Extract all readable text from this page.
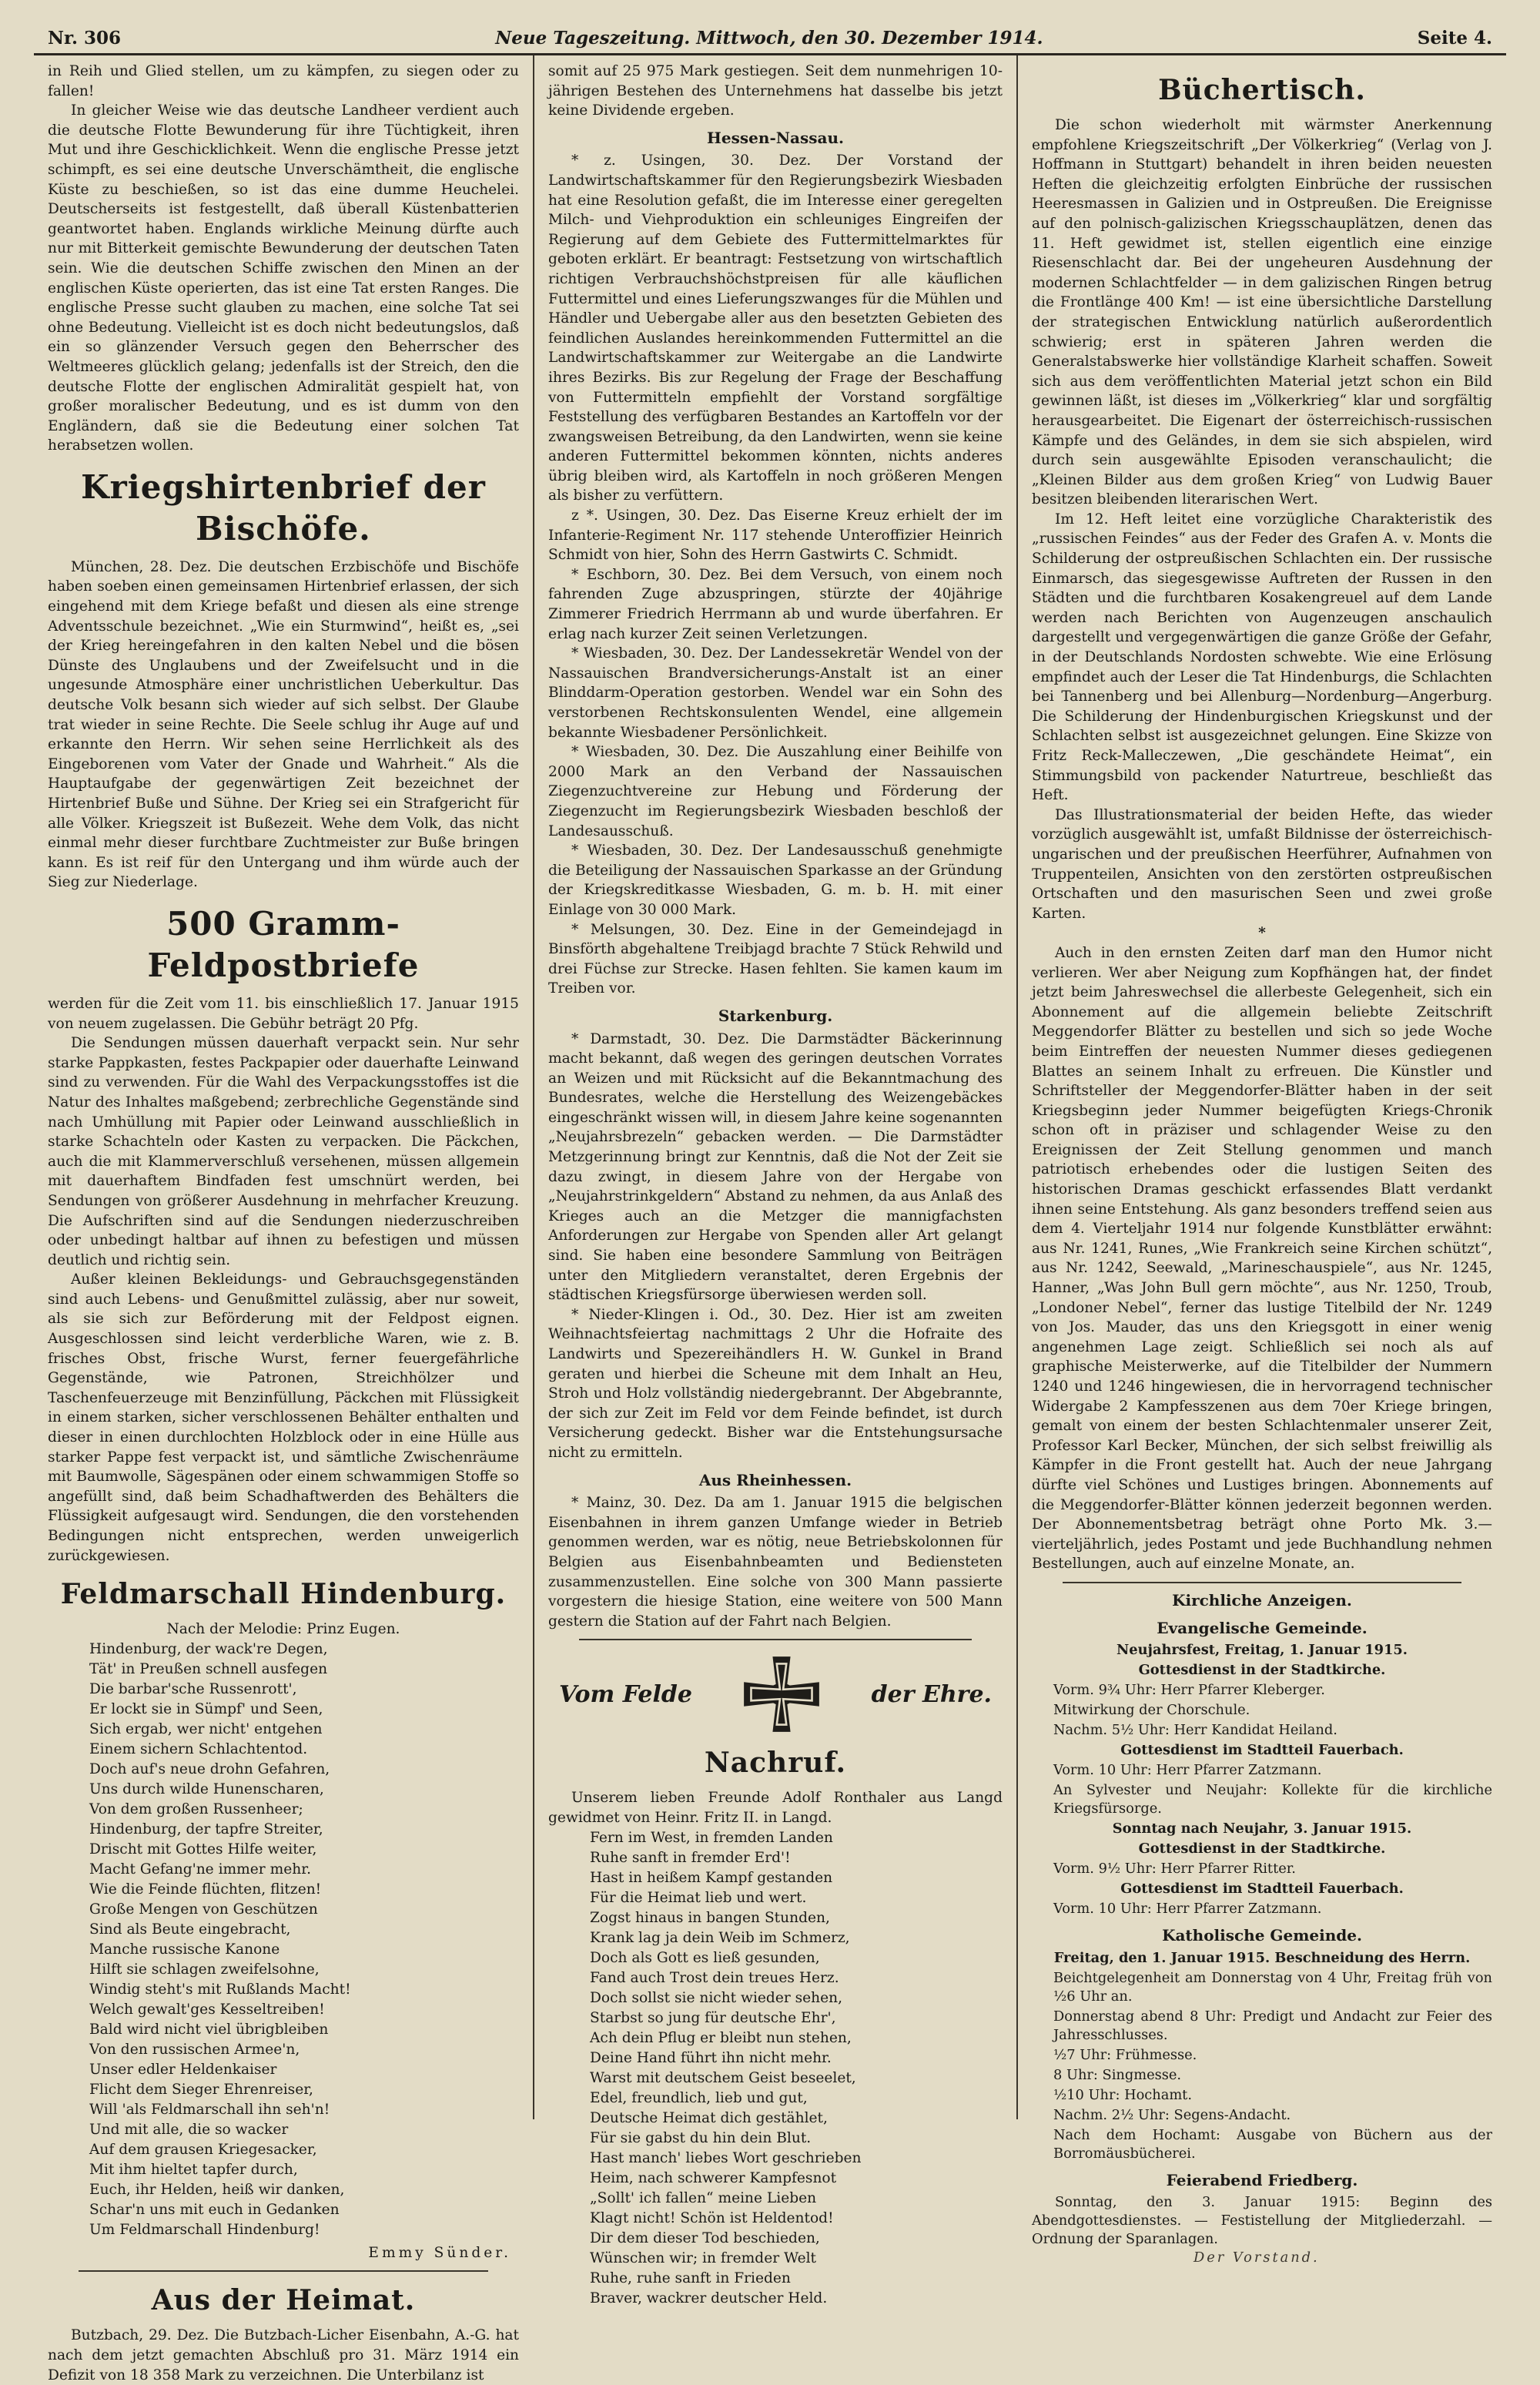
Nr. 306	Neue Tageszeitung. Mittwoch, den 30. Dezember 1914.	Seite 4.

in Reih und Glied stellen, um zu kämpfen, zu siegen oder zu fallen!

In gleicher Weise wie das deutsche Landheer verdient auch die deutsche Flotte Bewunderung für ihre Tüchtigkeit, ihren Mut und ihre Geschicklichkeit. Wenn die englische Presse jetzt schimpft, es sei eine deutsche Unverschämtheit, die englische Küste zu beschießen, so ist das eine dumme Heuchelei. Deutscherseits ist festgestellt, daß überall Küstenbatterien geantwortet haben. Englands wirkliche Meinung dürfte auch nur mit Bitterkeit gemischte Bewunderung der deutschen Taten sein. Wie die deutschen Schiffe zwischen den Minen an der englischen Küste operierten, das ist eine Tat ersten Ranges. Die englische Presse sucht glauben zu machen, eine solche Tat sei ohne Bedeutung. Vielleicht ist es doch nicht bedeutungslos, daß ein so glänzender Versuch gegen den Beherrscher des Weltmeeres glücklich gelang; jedenfalls ist der Streich, den die deutsche Flotte der englischen Admiralität gespielt hat, von großer moralischer Bedeutung, und es ist dumm von den Engländern, daß sie die Bedeutung einer solchen Tat herabsetzen wollen.

Kriegshirtenbrief der Bischöfe.

München, 28. Dez. Die deutschen Erzbischöfe und Bischöfe haben soeben einen gemeinsamen Hirtenbrief erlassen, der sich eingehend mit dem Kriege befaßt und diesen als eine strenge Adventsschule bezeichnet. „Wie ein Sturmwind“, heißt es, „sei der Krieg hereingefahren in den kalten Nebel und die bösen Dünste des Unglaubens und der Zweifelsucht und in die ungesunde Atmosphäre einer unchristlichen Ueberkultur. Das deutsche Volk besann sich wieder auf sich selbst. Der Glaube trat wieder in seine Rechte. Die Seele schlug ihr Auge auf und erkannte den Herrn. Wir sehen seine Herrlichkeit als des Eingeborenen vom Vater der Gnade und Wahrheit.“ Als die Hauptaufgabe der gegenwärtigen Zeit bezeichnet der Hirtenbrief Buße und Sühne. Der Krieg sei ein Strafgericht für alle Völker. Kriegszeit ist Bußezeit. Wehe dem Volk, das nicht einmal mehr dieser furchtbare Zuchtmeister zur Buße bringen kann. Es ist reif für den Untergang und ihm würde auch der Sieg zur Niederlage.

500 Gramm-Feldpostbriefe

werden für die Zeit vom 11. bis einschließlich 17. Januar 1915 von neuem zugelassen. Die Gebühr beträgt 20 Pfg.

Die Sendungen müssen dauerhaft verpackt sein. Nur sehr starke Pappkasten, festes Packpapier oder dauerhafte Leinwand sind zu verwenden. Für die Wahl des Verpackungsstoffes ist die Natur des Inhaltes maßgebend; zerbrechliche Gegenstände sind nach Umhüllung mit Papier oder Leinwand ausschließlich in starke Schachteln oder Kasten zu verpacken. Die Päckchen, auch die mit Klammerverschluß versehenen, müssen allgemein mit dauerhaftem Bindfaden fest umschnürt werden, bei Sendungen von größerer Ausdehnung in mehrfacher Kreuzung. Die Aufschriften sind auf die Sendungen niederzuschreiben oder unbedingt haltbar auf ihnen zu befestigen und müssen deutlich und richtig sein.

Außer kleinen Bekleidungs- und Gebrauchsgegenständen sind auch Lebens- und Genußmittel zulässig, aber nur soweit, als sie sich zur Beförderung mit der Feldpost eignen. Ausgeschlossen sind leicht verderbliche Waren, wie z. B. frisches Obst, frische Wurst, ferner feuergefährliche Gegenstände, wie Patronen, Streichhölzer und Taschenfeuerzeuge mit Benzinfüllung, Päckchen mit Flüssigkeit in einem starken, sicher verschlossenen Behälter enthalten und dieser in einen durchlochten Holzblock oder in eine Hülle aus starker Pappe fest verpackt ist, und sämtliche Zwischenräume mit Baumwolle, Sägespänen oder einem schwammigen Stoffe so angefüllt sind, daß beim Schadhaftwerden des Behälters die Flüssigkeit aufgesaugt wird. Sendungen, die den vorstehenden Bedingungen nicht entsprechen, werden unweigerlich zurückgewiesen.

Feldmarschall Hindenburg.

Nach der Melodie: Prinz Eugen.

Hindenburg, der wack're Degen,
Tät' in Preußen schnell ausfegen
Die barbar'sche Russenrott',
Er lockt sie in Sümpf' und Seen,
Sich ergab, wer nicht' entgehen
Einem sichern Schlachtentod.
Doch auf's neue drohn Gefahren,
Uns durch wilde Hunenscharen,
Von dem großen Russenheer;
Hindenburg, der tapfre Streiter,
Drischt mit Gottes Hilfe weiter,
Macht Gefang'ne immer mehr.
Wie die Feinde flüchten, flitzen!
Große Mengen von Geschützen
Sind als Beute eingebracht,
Manche russische Kanone
Hilft sie schlagen zweifelsohne,
Windig steht's mit Rußlands Macht!
Welch gewalt'ges Kesseltreiben!
Bald wird nicht viel übrigbleiben
Von den russischen Armee'n,
Unser edler Heldenkaiser
Flicht dem Sieger Ehrenreiser,
Will 'als Feldmarschall ihn seh'n!
Und mit alle, die so wacker
Auf dem grausen Kriegesacker,
Mit ihm hieltet tapfer durch,
Euch, ihr Helden, heiß wir danken,
Schar'n uns mit euch in Gedanken
Um Feldmarschall Hindenburg!

Emmy Sünder.

Aus der Heimat.

Butzbach, 29. Dez. Die Butzbach-Licher Eisenbahn, A.-G. hat nach dem jetzt gemachten Abschluß pro 31. März 1914 ein Defizit von 18 358 Mark zu verzeichnen. Die Unterbilanz ist

somit auf 25 975 Mark gestiegen. Seit dem nunmehrigen 10-jährigen Bestehen des Unternehmens hat dasselbe bis jetzt keine Dividende ergeben.

Hessen-Nassau.

* z. Usingen, 30. Dez. Der Vorstand der Landwirtschaftskammer für den Regierungsbezirk Wiesbaden hat eine Resolution gefaßt, die im Interesse einer geregelten Milch- und Viehproduktion ein schleuniges Eingreifen der Regierung auf dem Gebiete des Futtermittelmarktes für geboten erklärt. Er beantragt: Festsetzung von wirtschaftlich richtigen Verbrauchshöchstpreisen für alle käuflichen Futtermittel und eines Lieferungszwanges für die Mühlen und Händler und Uebergabe aller aus den besetzten Gebieten des feindlichen Auslandes hereinkommenden Futtermittel an die Landwirtschaftskammer zur Weitergabe an die Landwirte ihres Bezirks. Bis zur Regelung der Frage der Beschaffung von Futtermitteln empfiehlt der Vorstand sorgfältige Feststellung des verfügbaren Bestandes an Kartoffeln vor der zwangsweisen Betreibung, da den Landwirten, wenn sie keine anderen Futtermittel bekommen könnten, nichts anderes übrig bleiben wird, als Kartoffeln in noch größeren Mengen als bisher zu verfüttern.

z *. Usingen, 30. Dez. Das Eiserne Kreuz erhielt der im Infanterie-Regiment Nr. 117 stehende Unteroffizier Heinrich Schmidt von hier, Sohn des Herrn Gastwirts C. Schmidt.

* Eschborn, 30. Dez. Bei dem Versuch, von einem noch fahrenden Zuge abzuspringen, stürzte der 40jährige Zimmerer Friedrich Herrmann ab und wurde überfahren. Er erlag nach kurzer Zeit seinen Verletzungen.

* Wiesbaden, 30. Dez. Der Landessekretär Wendel von der Nassauischen Brandversicherungs-Anstalt ist an einer Blinddarm-Operation gestorben. Wendel war ein Sohn des verstorbenen Rechtskonsulenten Wendel, eine allgemein bekannte Wiesbadener Persönlichkeit.

* Wiesbaden, 30. Dez. Die Auszahlung einer Beihilfe von 2000 Mark an den Verband der Nassauischen Ziegenzuchtvereine zur Hebung und Förderung der Ziegenzucht im Regierungsbezirk Wiesbaden beschloß der Landesausschuß.

* Wiesbaden, 30. Dez. Der Landesausschuß genehmigte die Beteiligung der Nassauischen Sparkasse an der Gründung der Kriegskreditkasse Wiesbaden, G. m. b. H. mit einer Einlage von 30 000 Mark.

* Melsungen, 30. Dez. Eine in der Gemeindejagd in Binsförth abgehaltene Treibjagd brachte 7 Stück Rehwild und drei Füchse zur Strecke. Hasen fehlten. Sie kamen kaum im Treiben vor.

Starkenburg.

* Darmstadt, 30. Dez. Die Darmstädter Bäckerinnung macht bekannt, daß wegen des geringen deutschen Vorrates an Weizen und mit Rücksicht auf die Bekanntmachung des Bundesrates, welche die Herstellung des Weizengebäckes eingeschränkt wissen will, in diesem Jahre keine sogenannten „Neujahrsbrezeln“ gebacken werden. — Die Darmstädter Metzgerinnung bringt zur Kenntnis, daß die Not der Zeit sie dazu zwingt, in diesem Jahre von der Hergabe von „Neujahrstrinkgeldern“ Abstand zu nehmen, da aus Anlaß des Krieges auch an die Metzger die mannigfachsten Anforderungen zur Hergabe von Spenden aller Art gelangt sind. Sie haben eine besondere Sammlung von Beiträgen unter den Mitgliedern veranstaltet, deren Ergebnis der städtischen Kriegsfürsorge überwiesen werden soll.

* Nieder-Klingen i. Od., 30. Dez. Hier ist am zweiten Weihnachtsfeiertag nachmittags 2 Uhr die Hofraite des Landwirts und Spezereihändlers H. W. Gunkel in Brand geraten und hierbei die Scheune mit dem Inhalt an Heu, Stroh und Holz vollständig niedergebrannt. Der Abgebrannte, der sich zur Zeit im Feld vor dem Feinde befindet, ist durch Versicherung gedeckt. Bisher war die Entstehungsursache nicht zu ermitteln.

Aus Rheinhessen.

* Mainz, 30. Dez. Da am 1. Januar 1915 die belgischen Eisenbahnen in ihrem ganzen Umfange wieder in Betrieb genommen werden, war es nötig, neue Betriebskolonnen für Belgien aus Eisenbahnbeamten und Bediensteten zusammenzustellen. Eine solche von 300 Mann passierte vorgestern die hiesige Station, eine weitere von 500 Mann gestern die Station auf der Fahrt nach Belgien.

Vom Felde	der Ehre.
Nachruf.

Unserem lieben Freunde Adolf Ronthaler aus Langd gewidmet von Heinr. Fritz II. in Langd.

Fern im West, in fremden Landen
Ruhe sanft in fremder Erd'!
Hast in heißem Kampf gestanden
Für die Heimat lieb und wert.
Zogst hinaus in bangen Stunden,
Krank lag ja dein Weib im Schmerz,
Doch als Gott es ließ gesunden,
Fand auch Trost dein treues Herz.
Doch sollst sie nicht wieder sehen,
Starbst so jung für deutsche Ehr',
Ach dein Pflug er bleibt nun stehen,
Deine Hand führt ihn nicht mehr.
Warst mit deutschem Geist beseelet,
Edel, freundlich, lieb und gut,
Deutsche Heimat dich gestählet,
Für sie gabst du hin dein Blut.
Hast manch' liebes Wort geschrieben
Heim, nach schwerer Kampfesnot
„Sollt' ich fallen“ meine Lieben
Klagt nicht! Schön ist Heldentod!
Dir dem dieser Tod beschieden,
Wünschen wir; in fremder Welt
Ruhe, ruhe sanft in Frieden
Braver, wackrer deutscher Held.
Büchertisch.

Die schon wiederholt mit wärmster Anerkennung empfohlene Kriegszeitschrift „Der Völkerkrieg“ (Verlag von J. Hoffmann in Stuttgart) behandelt in ihren beiden neuesten Heften die gleichzeitig erfolgten Einbrüche der russischen Heeresmassen in Galizien und in Ostpreußen. Die Ereignisse auf den polnisch-galizischen Kriegsschauplätzen, denen das 11. Heft gewidmet ist, stellen eigentlich eine einzige Riesenschlacht dar. Bei der ungeheuren Ausdehnung der modernen Schlachtfelder — in dem galizischen Ringen betrug die Frontlänge 400 Km! — ist eine übersichtliche Darstellung der strategischen Entwicklung natürlich außerordentlich schwierig; erst in späteren Jahren werden die Generalstabswerke hier vollständige Klarheit schaffen. Soweit sich aus dem veröffentlichten Material jetzt schon ein Bild gewinnen läßt, ist dieses im „Völkerkrieg“ klar und sorgfältig herausgearbeitet. Die Eigenart der österreichisch-russischen Kämpfe und des Geländes, in dem sie sich abspielen, wird durch sein ausgewählte Episoden veranschaulicht; die „Kleinen Bilder aus dem großen Krieg“ von Ludwig Bauer besitzen bleibenden literarischen Wert.

Im 12. Heft leitet eine vorzügliche Charakteristik des „russischen Feindes“ aus der Feder des Grafen A. v. Monts die Schilderung der ostpreußischen Schlachten ein. Der russische Einmarsch, das siegesgewisse Auftreten der Russen in den Städten und die furchtbaren Kosakengreuel auf dem Lande werden nach Berichten von Augenzeugen anschaulich dargestellt und vergegenwärtigen die ganze Größe der Gefahr, in der Deutschlands Nordosten schwebte. Wie eine Erlösung empfindet auch der Leser die Tat Hindenburgs, die Schlachten bei Tannenberg und bei Allenburg—Nordenburg—Angerburg. Die Schilderung der Hindenburgischen Kriegskunst und der Schlachten selbst ist ausgezeichnet gelungen. Eine Skizze von Fritz Reck-Malleczewen, „Die geschändete Heimat“, ein Stimmungsbild von packender Naturtreue, beschließt das Heft.

Das Illustrationsmaterial der beiden Hefte, das wieder vorzüglich ausgewählt ist, umfaßt Bildnisse der österreichisch-ungarischen und der preußischen Heerführer, Aufnahmen von Truppenteilen, Ansichten von den zerstörten ostpreußischen Ortschaften und den masurischen Seen und zwei große Karten.

*

Auch in den ernsten Zeiten darf man den Humor nicht verlieren. Wer aber Neigung zum Kopfhängen hat, der findet jetzt beim Jahreswechsel die allerbeste Gelegenheit, sich ein Abonnement auf die allgemein beliebte Zeitschrift Meggendorfer Blätter zu bestellen und sich so jede Woche beim Eintreffen der neuesten Nummer dieses gediegenen Blattes an seinem Inhalt zu erfreuen. Die Künstler und Schriftsteller der Meggendorfer-Blätter haben in der seit Kriegsbeginn jeder Nummer beigefügten Kriegs-Chronik schon oft in präziser und schlagender Weise zu den Ereignissen der Zeit Stellung genommen und manch patriotisch erhebendes oder die lustigen Seiten des historischen Dramas geschickt erfassendes Blatt verdankt ihnen seine Entstehung. Als ganz besonders treffend seien aus dem 4. Vierteljahr 1914 nur folgende Kunstblätter erwähnt: aus Nr. 1241, Runes, „Wie Frankreich seine Kirchen schützt“, aus Nr. 1242, Seewald, „Marineschauspiele“, aus Nr. 1245, Hanner, „Was John Bull gern möchte“, aus Nr. 1250, Troub, „Londoner Nebel“, ferner das lustige Titelbild der Nr. 1249 von Jos. Mauder, das uns den Kriegsgott in einer wenig angenehmen Lage zeigt. Schließlich sei noch als auf graphische Meisterwerke, auf die Titelbilder der Nummern 1240 und 1246 hingewiesen, die in hervorragend technischer Widergabe 2 Kampfesszenen aus dem 70er Kriege bringen, gemalt von einem der besten Schlachtenmaler unserer Zeit, Professor Karl Becker, München, der sich selbst freiwillig als Kämpfer in die Front gestellt hat. Auch der neue Jahrgang dürfte viel Schönes und Lustiges bringen. Abonnements auf die Meggendorfer-Blätter können jederzeit begonnen werden. Der Abonnementsbetrag beträgt ohne Porto Mk. 3.— vierteljährlich, jedes Postamt und jede Buchhandlung nehmen Bestellungen, auch auf einzelne Monate, an.

Kirchliche Anzeigen.
Evangelische Gemeinde.

Neujahrsfest, Freitag, 1. Januar 1915.

Gottesdienst in der Stadtkirche.

Vorm. 9¾ Uhr: Herr Pfarrer Kleberger.

Mitwirkung der Chorschule.

Nachm. 5½ Uhr: Herr Kandidat Heiland.

Gottesdienst im Stadtteil Fauerbach.

Vorm. 10 Uhr: Herr Pfarrer Zatzmann.

An Sylvester und Neujahr: Kollekte für die kirchliche Kriegsfürsorge.

Sonntag nach Neujahr, 3. Januar 1915.

Gottesdienst in der Stadtkirche.

Vorm. 9½ Uhr: Herr Pfarrer Ritter.

Gottesdienst im Stadtteil Fauerbach.

Vorm. 10 Uhr: Herr Pfarrer Zatzmann.

Katholische Gemeinde.

Freitag, den 1. Januar 1915. Beschneidung des Herrn.

Beichtgelegenheit am Donnerstag von 4 Uhr, Freitag früh von ½6 Uhr an.

Donnerstag abend 8 Uhr: Predigt und Andacht zur Feier des Jahresschlusses.

½7 Uhr: Frühmesse.

8 Uhr: Singmesse.

½10 Uhr: Hochamt.

Nachm. 2½ Uhr: Segens-Andacht.

Nach dem Hochamt: Ausgabe von Büchern aus der Borromäusbücherei.

Feierabend Friedberg.

Sonntag, den 3. Januar 1915: Beginn des Abendgottesdienstes. — Festistellung der Mitgliederzahl. — Ordnung der Sparanlagen.

Der Vorstand.
